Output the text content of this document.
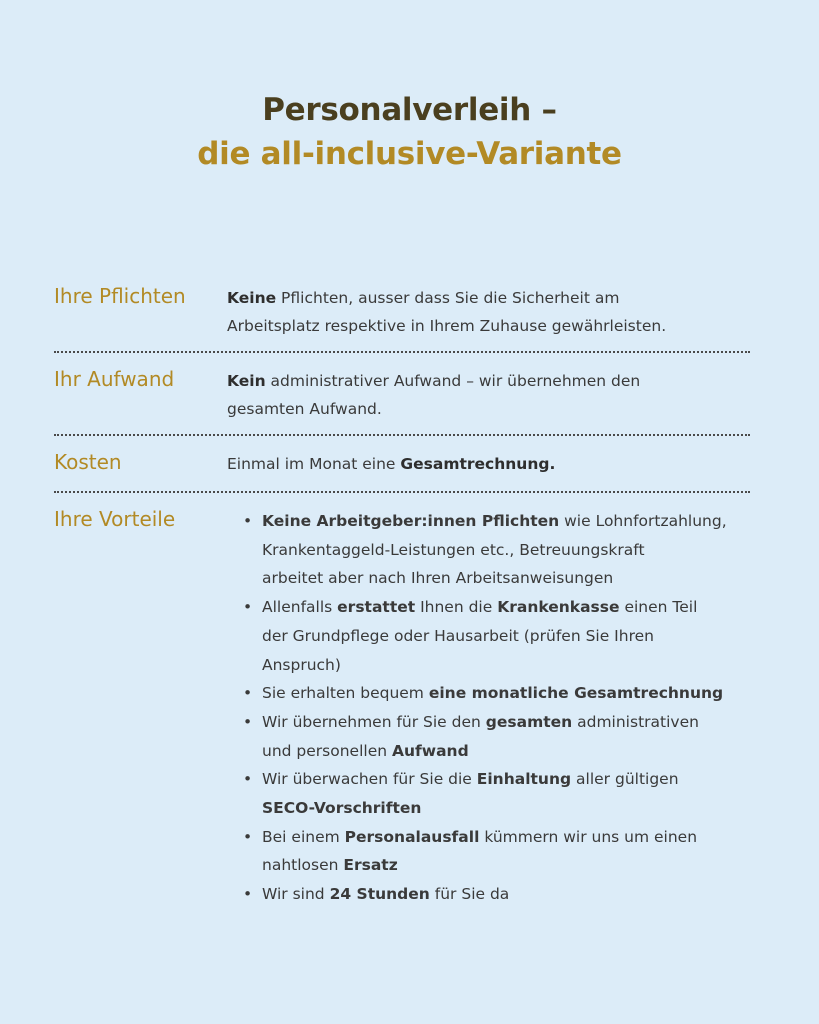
Personalverleih –
die all-inclusive-Variante
Ihre Pflichten	Keine Pflichten, ausser dass Sie die Sicherheit am
Arbeitsplatz respektive in Ihrem Zuhause gewährleisten.
Ihr Aufwand	Kein administrativer Aufwand – wir übernehmen den
gesamten Aufwand.
Kosten	Einmal im Monat eine Gesamtrechnung.
Ihre Vorteile	• Keine Arbeitgeber:innen Pflichten wie Lohnfortzahlung,
Krankentaggeld-Leistungen etc., Betreuungskraft
arbeitet aber nach Ihren Arbeitsanweisungen
• Allenfalls erstattet Ihnen die Krankenkasse einen Teil
der Grundpflege oder Hausarbeit (prüfen Sie Ihren
Anspruch)
• Sie erhalten bequem eine monatliche Gesamtrechnung
• Wir übernehmen für Sie den gesamten administrativen
und personellen Aufwand
• Wir überwachen für Sie die Einhaltung aller gültigen
SECO-Vorschriften
• Bei einem Personalausfall kümmern wir uns um einen
nahtlosen Ersatz
• Wir sind 24 Stunden für Sie da
